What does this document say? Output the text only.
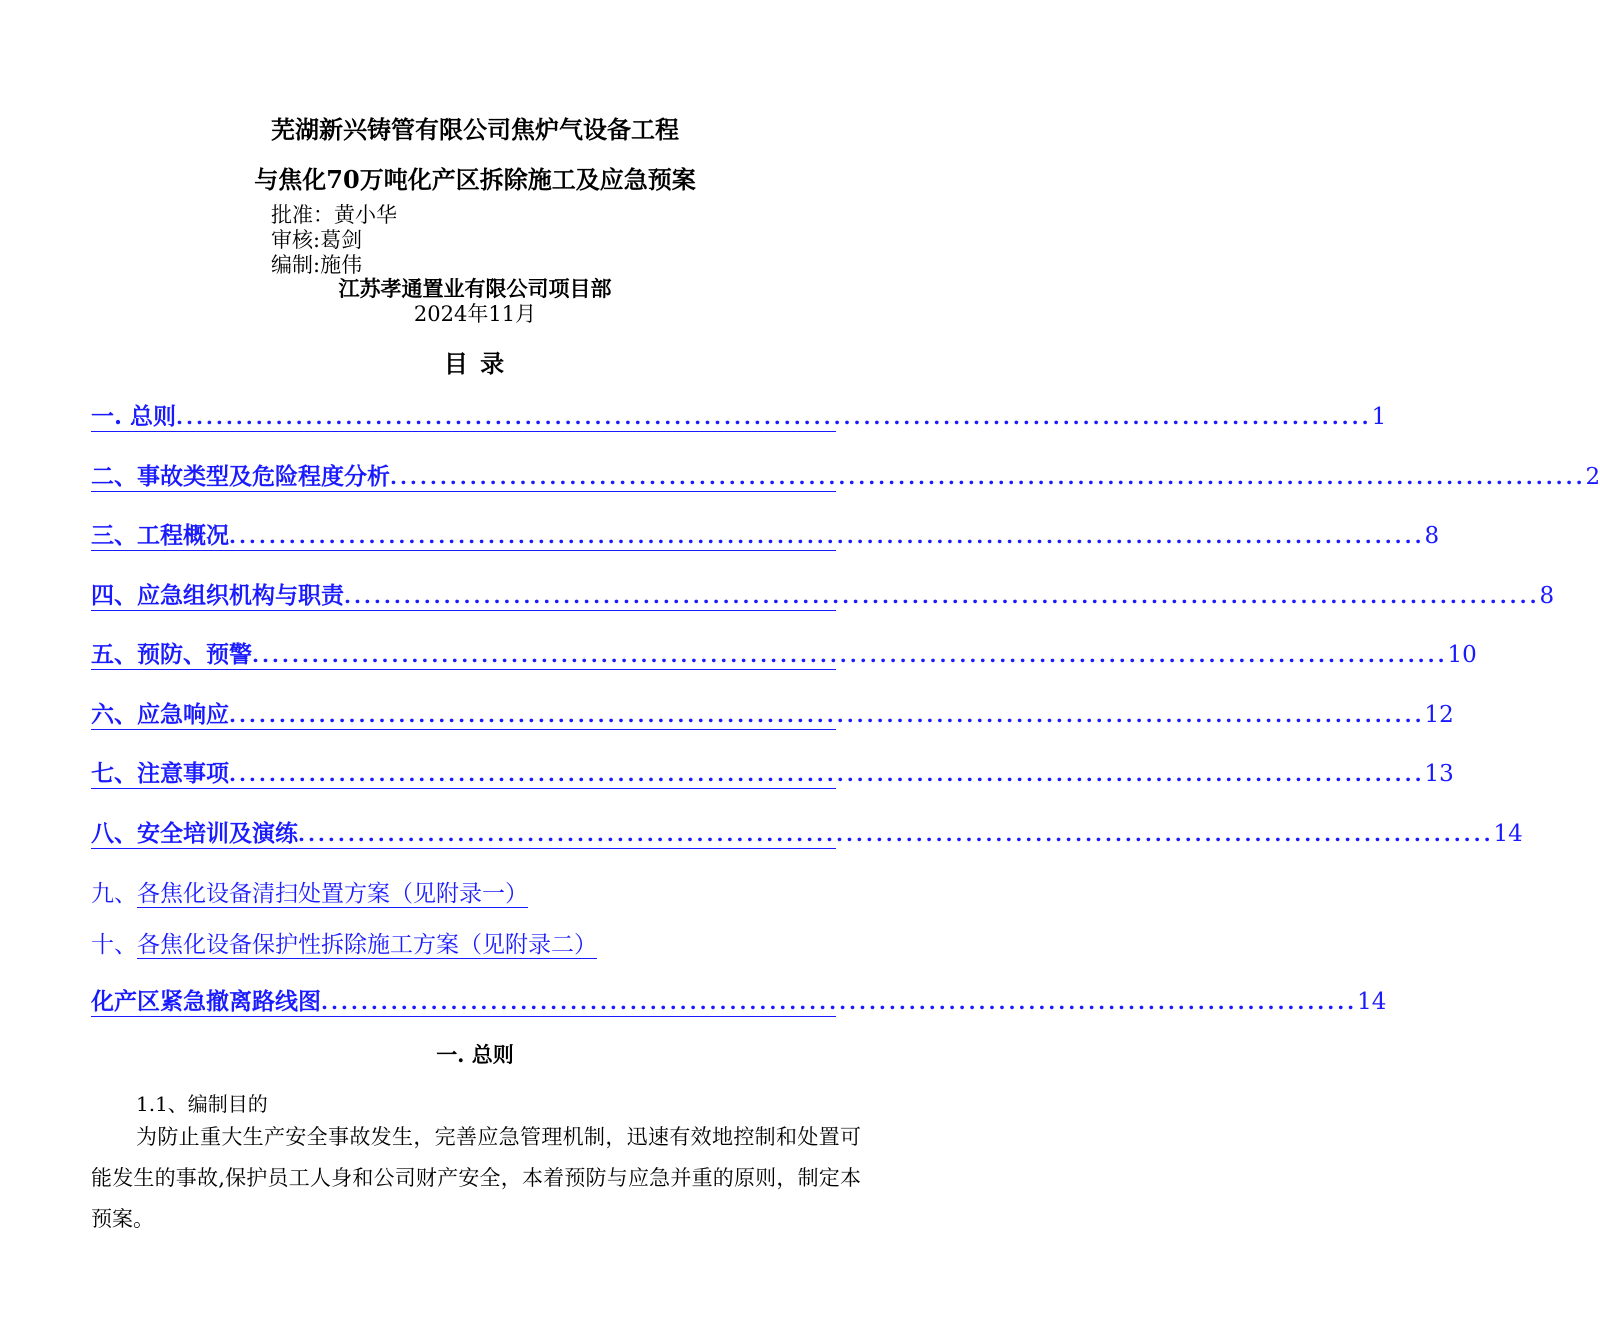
芜湖新兴铸管有限公司焦炉气设备工程
与焦化70万吨化产区拆除施工及应急预案
批准：黄小华
审核:葛剑
编制:施伟
江苏孝通置业有限公司项目部
2024年11月
目 录
一. 总则 ........................................................................................................................ 1
二、事故类型及危险程度分析 ........................................................................................................................ 2
三、工程概况 ........................................................................................................................ 8
四、应急组织机构与职责 ........................................................................................................................ 8
五、预防、预警 ........................................................................................................................ 10
六、应急响应 ........................................................................................................................ 12
七、注意事项 ........................................................................................................................ 13
八、安全培训及演练 ........................................................................................................................ 14
九、各焦化设备清扫处置方案（见附录一）
十、各焦化设备保护性拆除施工方案（见附录二）
化产区紧急撤离路线图 ........................................................................................................ 14
一. 总则
1.1、编制目的
为防止重大生产安全事故发生，完善应急管理机制，迅速有效地控制和处置可能发生的事故,保护员工人身和公司财产安全，本着预防与应急并重的原则，制定本预案。
